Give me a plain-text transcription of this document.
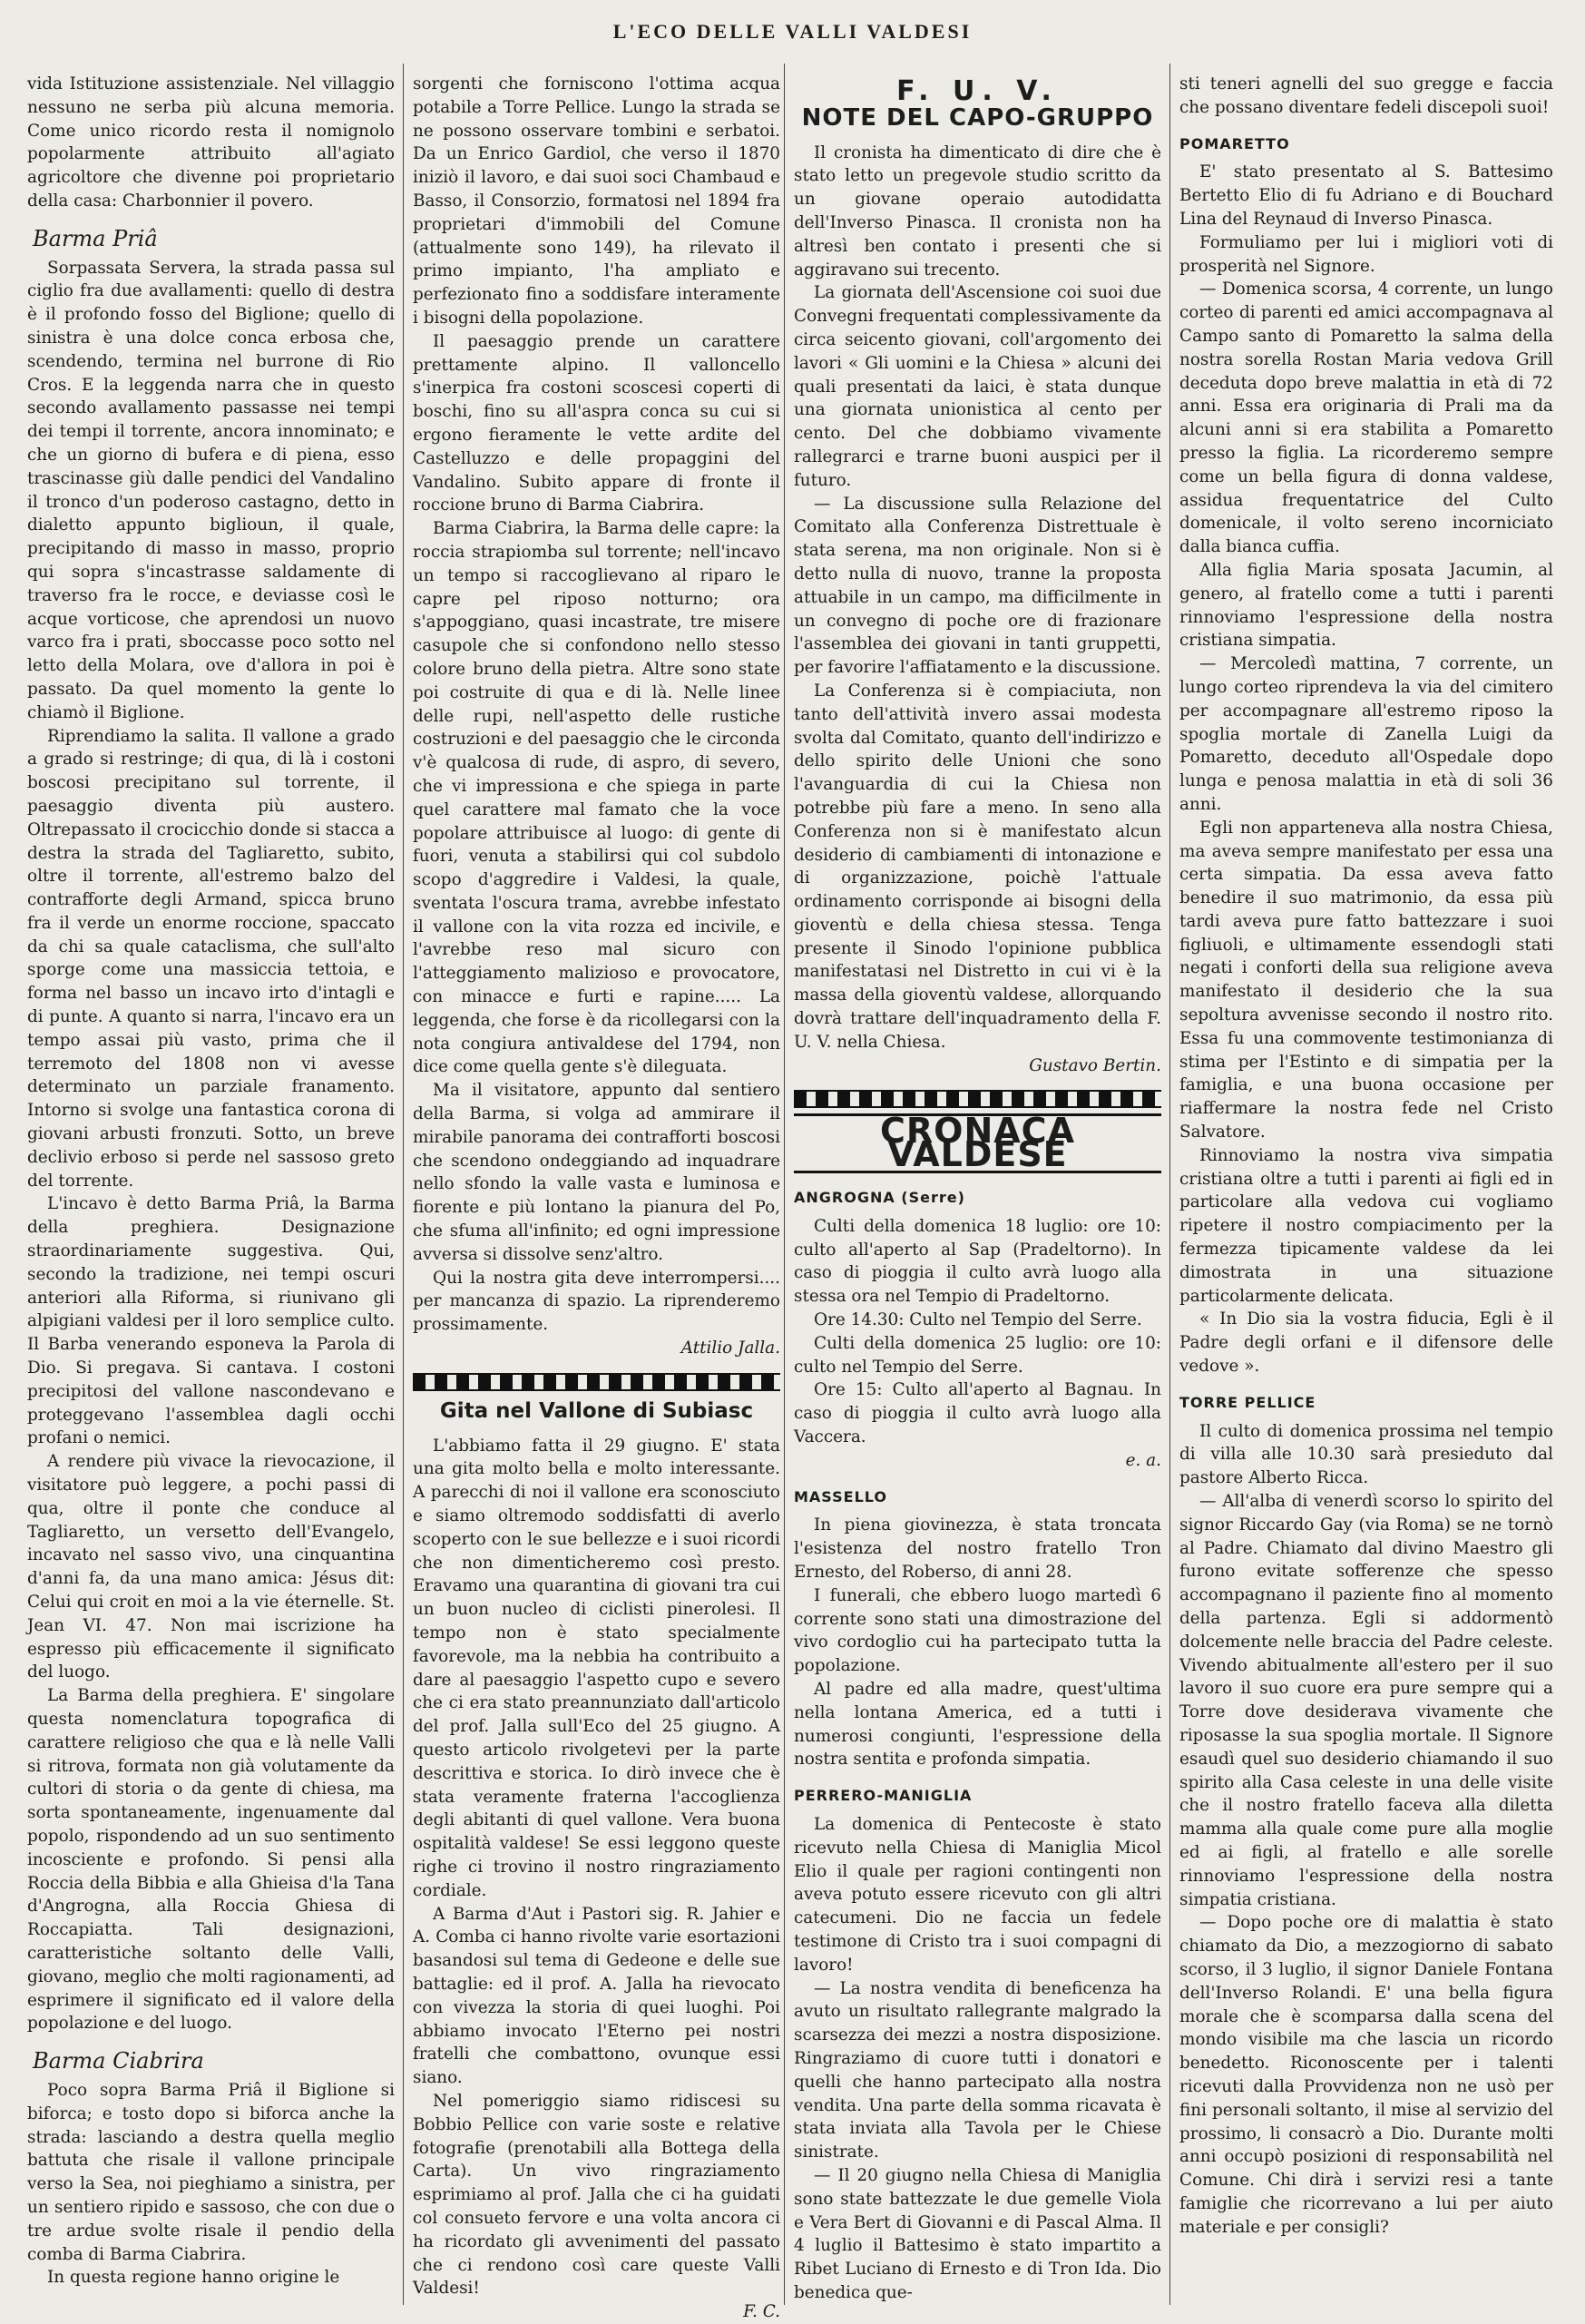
L'ECO DELLE VALLI VALDESI

vida Istituzione assistenziale. Nel villaggio nessuno ne serba più alcuna memoria. Come unico ricordo resta il nomignolo popolarmente attribuito all'agiato agricoltore che divenne poi proprietario della casa: Charbonnier il povero.

Barma Priâ

Sorpassata Servera, la strada passa sul ciglio fra due avallamenti: quello di destra è il profondo fosso del Biglione; quello di sinistra è una dolce conca erbosa che, scendendo, termina nel burrone di Rio Cros. E la leggenda narra che in questo secondo avallamento passasse nei tempi dei tempi il torrente, ancora innominato; e che un giorno di bufera e di piena, esso trascinasse giù dalle pendici del Vandalino il tronco d'un poderoso castagno, detto in dialetto appunto biglioun, il quale, precipitando di masso in masso, proprio qui sopra s'incastrasse saldamente di traverso fra le rocce, e deviasse così le acque vorticose, che aprendosi un nuovo varco fra i prati, sboccasse poco sotto nel letto della Molara, ove d'allora in poi è passato. Da quel momento la gente lo chiamò il Biglione.

Riprendiamo la salita. Il vallone a grado a grado si restringe; di qua, di là i costoni boscosi precipitano sul torrente, il paesaggio diventa più austero. Oltrepassato il crocicchio donde si stacca a destra la strada del Tagliaretto, subito, oltre il torrente, all'estremo balzo del contrafforte degli Armand, spicca bruno fra il verde un enorme roccione, spaccato da chi sa quale cataclisma, che sull'alto sporge come una massiccia tettoia, e forma nel basso un incavo irto d'intagli e di punte. A quanto si narra, l'incavo era un tempo assai più vasto, prima che il terremoto del 1808 non vi avesse determinato un parziale franamento. Intorno si svolge una fantastica corona di giovani arbusti fronzuti. Sotto, un breve declivio erboso si perde nel sassoso greto del torrente.

L'incavo è detto Barma Priâ, la Barma della preghiera. Designazione straordinariamente suggestiva. Qui, secondo la tradizione, nei tempi oscuri anteriori alla Riforma, si riunivano gli alpigiani valdesi per il loro semplice culto. Il Barba venerando esponeva la Parola di Dio. Si pregava. Si cantava. I costoni precipitosi del vallone nascondevano e proteggevano l'assemblea dagli occhi profani o nemici.

A rendere più vivace la rievocazione, il visitatore può leggere, a pochi passi di qua, oltre il ponte che conduce al Tagliaretto, un versetto dell'Evangelo, incavato nel sasso vivo, una cinquantina d'anni fa, da una mano amica: Jésus dit: Celui qui croit en moi a la vie éternelle. St. Jean VI. 47. Non mai iscrizione ha espresso più efficacemente il significato del luogo.

La Barma della preghiera. E' singolare questa nomenclatura topografica di carattere religioso che qua e là nelle Valli si ritrova, formata non già volutamente da cultori di storia o da gente di chiesa, ma sorta spontaneamente, ingenuamente dal popolo, rispondendo ad un suo sentimento incosciente e profondo. Si pensi alla Roccia della Bibbia e alla Ghieisa d'la Tana d'Angrogna, alla Roccia Ghiesa di Roccapiatta. Tali designazioni, caratteristiche soltanto delle Valli, giovano, meglio che molti ragionamenti, ad esprimere il significato ed il valore della popolazione e del luogo.

Barma Ciabrira

Poco sopra Barma Priâ il Biglione si biforca; e tosto dopo si biforca anche la strada: lasciando a destra quella meglio battuta che risale il vallone principale verso la Sea, noi pieghiamo a sinistra, per un sentiero ripido e sassoso, che con due o tre ardue svolte risale il pendio della comba di Barma Ciabrira.

In questa regione hanno origine le

sorgenti che forniscono l'ottima acqua potabile a Torre Pellice. Lungo la strada se ne possono osservare tombini e serbatoi. Da un Enrico Gardiol, che verso il 1870 iniziò il lavoro, e dai suoi soci Chambaud e Basso, il Consorzio, formatosi nel 1894 fra proprietari d'immobili del Comune (attualmente sono 149), ha rilevato il primo impianto, l'ha ampliato e perfezionato fino a soddisfare interamente i bisogni della popolazione.

Il paesaggio prende un carattere prettamente alpino. Il valloncello s'inerpica fra costoni scoscesi coperti di boschi, fino su all'aspra conca su cui si ergono fieramente le vette ardite del Castelluzzo e delle propaggini del Vandalino. Subito appare di fronte il roccione bruno di Barma Ciabrira.

Barma Ciabrira, la Barma delle capre: la roccia strapiomba sul torrente; nell'incavo un tempo si raccoglievano al riparo le capre pel riposo notturno; ora s'appoggiano, quasi incastrate, tre misere casupole che si confondono nello stesso colore bruno della pietra. Altre sono state poi costruite di qua e di là. Nelle linee delle rupi, nell'aspetto delle rustiche costruzioni e del paesaggio che le circonda v'è qualcosa di rude, di aspro, di severo, che vi impressiona e che spiega in parte quel carattere mal famato che la voce popolare attribuisce al luogo: di gente di fuori, venuta a stabilirsi qui col subdolo scopo d'aggredire i Valdesi, la quale, sventata l'oscura trama, avrebbe infestato il vallone con la vita rozza ed incivile, e l'avrebbe reso mal sicuro con l'atteggiamento malizioso e provocatore, con minacce e furti e rapine..... La leggenda, che forse è da ricollegarsi con la nota congiura antivaldese del 1794, non dice come quella gente s'è dileguata.

Ma il visitatore, appunto dal sentiero della Barma, si volga ad ammirare il mirabile panorama dei contrafforti boscosi che scendono ondeggiando ad inquadrare nello sfondo la valle vasta e luminosa e fiorente e più lontano la pianura del Po, che sfuma all'infinito; ed ogni impressione avversa si dissolve senz'altro.

Qui la nostra gita deve interrompersi.... per mancanza di spazio. La riprenderemo prossimamente.

Attilio Jalla.

Gita nel Vallone di Subiasc

L'abbiamo fatta il 29 giugno. E' stata una gita molto bella e molto interessante. A parecchi di noi il vallone era sconosciuto e siamo oltremodo soddisfatti di averlo scoperto con le sue bellezze e i suoi ricordi che non dimenticheremo così presto. Eravamo una quarantina di giovani tra cui un buon nucleo di ciclisti pinerolesi. Il tempo non è stato specialmente favorevole, ma la nebbia ha contribuito a dare al paesaggio l'aspetto cupo e severo che ci era stato preannunziato dall'articolo del prof. Jalla sull'Eco del 25 giugno. A questo articolo rivolgetevi per la parte descrittiva e storica. Io dirò invece che è stata veramente fraterna l'accoglienza degli abitanti di quel vallone. Vera buona ospitalità valdese! Se essi leggono queste righe ci trovino il nostro ringraziamento cordiale.

A Barma d'Aut i Pastori sig. R. Jahier e A. Comba ci hanno rivolte varie esortazioni basandosi sul tema di Gedeone e delle sue battaglie: ed il prof. A. Jalla ha rievocato con vivezza la storia di quei luoghi. Poi abbiamo invocato l'Eterno pei nostri fratelli che combattono, ovunque essi siano.

Nel pomeriggio siamo ridiscesi su Bobbio Pellice con varie soste e relative fotografie (prenotabili alla Bottega della Carta). Un vivo ringraziamento esprimiamo al prof. Jalla che ci ha guidati col consueto fervore e una volta ancora ci ha ricordato gli avvenimenti del passato che ci rendono così care queste Valli Valdesi!

F. C.

F. U. V.
NOTE DEL CAPO-GRUPPO

Il cronista ha dimenticato di dire che è stato letto un pregevole studio scritto da un giovane operaio autodidatta dell'Inverso Pinasca. Il cronista non ha altresì ben contato i presenti che si aggiravano sui trecento.

La giornata dell'Ascensione coi suoi due Convegni frequentati complessivamente da circa seicento giovani, coll'argomento dei lavori « Gli uomini e la Chiesa » alcuni dei quali presentati da laici, è stata dunque una giornata unionistica al cento per cento. Del che dobbiamo vivamente rallegrarci e trarne buoni auspici per il futuro.

— La discussione sulla Relazione del Comitato alla Conferenza Distrettuale è stata serena, ma non originale. Non si è detto nulla di nuovo, tranne la proposta attuabile in un campo, ma difficilmente in un convegno di poche ore di frazionare l'assemblea dei giovani in tanti gruppetti, per favorire l'affiatamento e la discussione.

La Conferenza si è compiaciuta, non tanto dell'attività invero assai modesta svolta dal Comitato, quanto dell'indirizzo e dello spirito delle Unioni che sono l'avanguardia di cui la Chiesa non potrebbe più fare a meno. In seno alla Conferenza non si è manifestato alcun desiderio di cambiamenti di intonazione e di organizzazione, poichè l'attuale ordinamento corrisponde ai bisogni della gioventù e della chiesa stessa. Tenga presente il Sinodo l'opinione pubblica manifestatasi nel Distretto in cui vi è la massa della gioventù valdese, allorquando dovrà trattare dell'inquadramento della F. U. V. nella Chiesa.

Gustavo Bertin.

CRONACA VALDESE
ANGROGNA (Serre)

Culti della domenica 18 luglio: ore 10: culto all'aperto al Sap (Pradeltorno). In caso di pioggia il culto avrà luogo alla stessa ora nel Tempio di Pradeltorno.

Ore 14.30: Culto nel Tempio del Serre.

Culti della domenica 25 luglio: ore 10: culto nel Tempio del Serre.

Ore 15: Culto all'aperto al Bagnau. In caso di pioggia il culto avrà luogo alla Vaccera.

e. a.

MASSELLO

In piena giovinezza, è stata troncata l'esistenza del nostro fratello Tron Ernesto, del Roberso, di anni 28.

I funerali, che ebbero luogo martedì 6 corrente sono stati una dimostrazione del vivo cordoglio cui ha partecipato tutta la popolazione.

Al padre ed alla madre, quest'ultima nella lontana America, ed a tutti i numerosi congiunti, l'espressione della nostra sentita e profonda simpatia.

PERRERO-MANIGLIA

La domenica di Pentecoste è stato ricevuto nella Chiesa di Maniglia Micol Elio il quale per ragioni contingenti non aveva potuto essere ricevuto con gli altri catecumeni. Dio ne faccia un fedele testimone di Cristo tra i suoi compagni di lavoro!

— La nostra vendita di beneficenza ha avuto un risultato rallegrante malgrado la scarsezza dei mezzi a nostra disposizione. Ringraziamo di cuore tutti i donatori e quelli che hanno partecipato alla nostra vendita. Una parte della somma ricavata è stata inviata alla Tavola per le Chiese sinistrate.

— Il 20 giugno nella Chiesa di Maniglia sono state battezzate le due gemelle Viola e Vera Bert di Giovanni e di Pascal Alma. Il 4 luglio il Battesimo è stato impartito a Ribet Luciano di Ernesto e di Tron Ida. Dio benedica que-

sti teneri agnelli del suo gregge e faccia che possano diventare fedeli discepoli suoi!

POMARETTO

E' stato presentato al S. Battesimo Bertetto Elio di fu Adriano e di Bouchard Lina del Reynaud di Inverso Pinasca.

Formuliamo per lui i migliori voti di prosperità nel Signore.

— Domenica scorsa, 4 corrente, un lungo corteo di parenti ed amici accompagnava al Campo santo di Pomaretto la salma della nostra sorella Rostan Maria vedova Grill deceduta dopo breve malattia in età di 72 anni. Essa era originaria di Prali ma da alcuni anni si era stabilita a Pomaretto presso la figlia. La ricorderemo sempre come un bella figura di donna valdese, assidua frequentatrice del Culto domenicale, il volto sereno incorniciato dalla bianca cuffia.

Alla figlia Maria sposata Jacumin, al genero, al fratello come a tutti i parenti rinnoviamo l'espressione della nostra cristiana simpatia.

— Mercoledì mattina, 7 corrente, un lungo corteo riprendeva la via del cimitero per accompagnare all'estremo riposo la spoglia mortale di Zanella Luigi da Pomaretto, deceduto all'Ospedale dopo lunga e penosa malattia in età di soli 36 anni.

Egli non apparteneva alla nostra Chiesa, ma aveva sempre manifestato per essa una certa simpatia. Da essa aveva fatto benedire il suo matrimonio, da essa più tardi aveva pure fatto battezzare i suoi figliuoli, e ultimamente essendogli stati negati i conforti della sua religione aveva manifestato il desiderio che la sua sepoltura avvenisse secondo il nostro rito. Essa fu una commovente testimonianza di stima per l'Estinto e di simpatia per la famiglia, e una buona occasione per riaffermare la nostra fede nel Cristo Salvatore.

Rinnoviamo la nostra viva simpatia cristiana oltre a tutti i parenti ai figli ed in particolare alla vedova cui vogliamo ripetere il nostro compiacimento per la fermezza tipicamente valdese da lei dimostrata in una situazione particolarmente delicata.

« In Dio sia la vostra fiducia, Egli è il Padre degli orfani e il difensore delle vedove ».

TORRE PELLICE

Il culto di domenica prossima nel tempio di villa alle 10.30 sarà presieduto dal pastore Alberto Ricca.

— All'alba di venerdì scorso lo spirito del signor Riccardo Gay (via Roma) se ne tornò al Padre. Chiamato dal divino Maestro gli furono evitate sofferenze che spesso accompagnano il paziente fino al momento della partenza. Egli si addormentò dolcemente nelle braccia del Padre celeste. Vivendo abitualmente all'estero per il suo lavoro il suo cuore era pure sempre qui a Torre dove desiderava vivamente che riposasse la sua spoglia mortale. Il Signore esaudì quel suo desiderio chiamando il suo spirito alla Casa celeste in una delle visite che il nostro fratello faceva alla diletta mamma alla quale come pure alla moglie ed ai figli, al fratello e alle sorelle rinnoviamo l'espressione della nostra simpatia cristiana.

— Dopo poche ore di malattia è stato chiamato da Dio, a mezzogiorno di sabato scorso, il 3 luglio, il signor Daniele Fontana dell'Inverso Rolandi. E' una bella figura morale che è scomparsa dalla scena del mondo visibile ma che lascia un ricordo benedetto. Riconoscente per i talenti ricevuti dalla Provvidenza non ne usò per fini personali soltanto, il mise al servizio del prossimo, li consacrò a Dio. Durante molti anni occupò posizioni di responsabilità nel Comune. Chi dirà i servizi resi a tante famiglie che ricorrevano a lui per aiuto materiale e per consigli?
